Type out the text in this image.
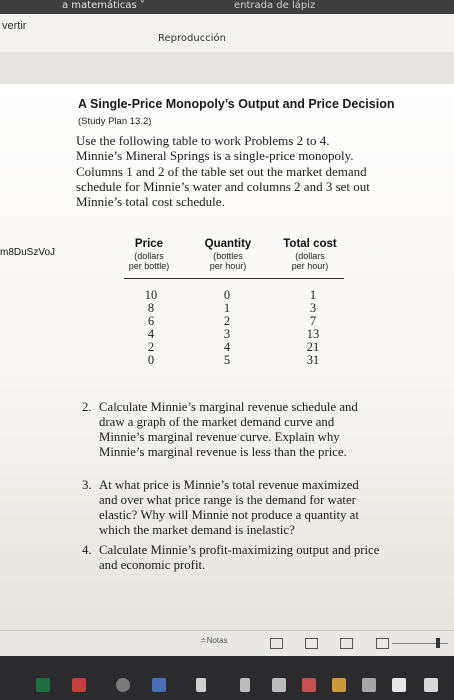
a matemáticas ˅	entrada de lápiz
vertir
Reproducción
m8DuSzVoJ
A Single-Price Monopoly’s Output and Price Decision
(Study Plan 13.2)

Use the following table to work Problems 2 to 4. Minnie’s Mineral Springs is a single-price monopoly. Columns 1 and 2 of the table set out the market demand schedule for Minnie’s water and columns 2 and 3 set out Minnie’s total cost schedule.

Price
(dollars
per bottle)
Quantity
(bottles
per hour)
Total cost
(dollars
per hour)
10
8
6
4
2
0
0
1
2
3
4
5
1
3
7
13
21
31
2. Calculate Minnie’s marginal revenue schedule and draw a graph of the market demand curve and Minnie’s marginal revenue curve. Explain why Minnie’s marginal revenue is less than the price.

3. At what price is Minnie’s total revenue maximized and over what price range is the demand for water elastic? Why will Minnie not produce a quantity at which the market demand is inelastic?

4. Calculate Minnie’s profit-maximizing output and price and economic profit.

≐Notas
